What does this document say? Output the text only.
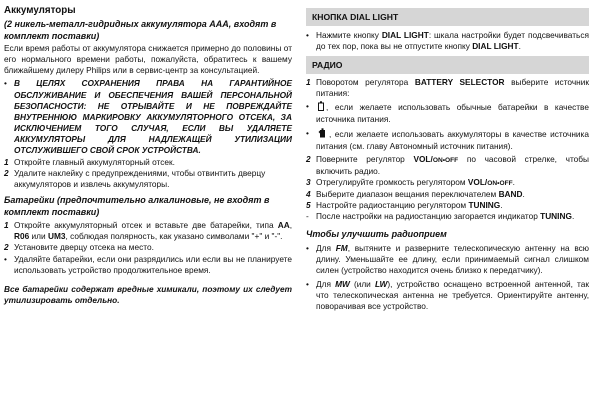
Аккумуляторы

(2 никель-металл-гидридных аккумулятора AAA, входят в комплект поставки)

Если время работы от аккумулятора снижается примерно до половины от его нормального времени работы, пожалуйста, обратитесь к вашему ближайшему дилеру Philips или в сервис-центр за консультацией.

• В ЦЕЛЯХ СОХРАНЕНИЯ ПРАВА НА ГАРАНТИЙНОЕ ОБСЛУЖИВАНИЕ И ОБЕСПЕЧЕНИЯ ВАШЕЙ ПЕРСОНАЛЬНОЙ БЕЗОПАСНОСТИ: НЕ ОТРЫВАЙТЕ И НЕ ПОВРЕЖДАЙТЕ ВНУТРЕННЮЮ МАРКИРОВКУ АККУМУЛЯТОРНОГО ОТСЕКА, ЗА ИСКЛЮЧЕНИЕМ ТОГО СЛУЧАЯ, ЕСЛИ ВЫ УДАЛЯЕТЕ АККУМУЛЯТОРЫ ДЛЯ НАДЛЕЖАЩЕЙ УТИЛИЗАЦИИ ОТСЛУЖИВШЕГО СВОЙ СРОК УСТРОЙСТВА.
1 Откройте главный аккумуляторный отсек.
2 Удалите наклейку с предупреждениями, чтобы отвинтить дверцу аккумуляторов и извлечь аккумуляторы.

Батарейки (предпочтительно алкалиновые, не входят в комплект поставки)

1 Откройте аккумуляторный отсек и вставьте две батарейки, типа AA, R06 или UM3, соблюдая полярность, как указано символами "+" и "-".
2 Установите дверцу отсека на место.
• Удаляйте батарейки, если они разрядились или если вы не планируете использовать устройство продолжительное время.

Все батарейки содержат вредные химикали, поэтому их следует утилизировать отдельно.

КНОПКА DIAL LIGHT
• Нажмите кнопку DIAL LIGHT: шкала настройки будет подсвечиваться до тех пор, пока вы не отпустите кнопку DIAL LIGHT.
РАДИО
1 Поворотом регулятора BATTERY SELECTOR выберите источник питания:
•	, если желаете использовать обычные батарейки в качестве источника питания.
•	, если желаете использовать аккумуляторы в качестве источника питания (см. главу Автономный источник питания).
2 Поверните регулятор VOL/ON•OFF по часовой стрелке, чтобы включить радио.
3 Отрегулируйте громкость регулятором VOL/ON•OFF.
4 Выберите диапазон вещания переключателем BAND.
5 Настройте радиостанцию регулятором TUNING.
- После настройки на радиостанцию загорается индикатор TUNING.

Чтобы улучшить радиоприем

• Для FM, вытяните и разверните телескопическую антенну на всю длину. Уменьшайте ее длину, если принимаемый сигнал слишком силен (устройство находится очень близко к передатчику).
• Для MW (или LW), устройство оснащено встроенной антенной, так что телескопическая антенна не требуется. Ориентируйте антенну, поворачивая все устройство.
